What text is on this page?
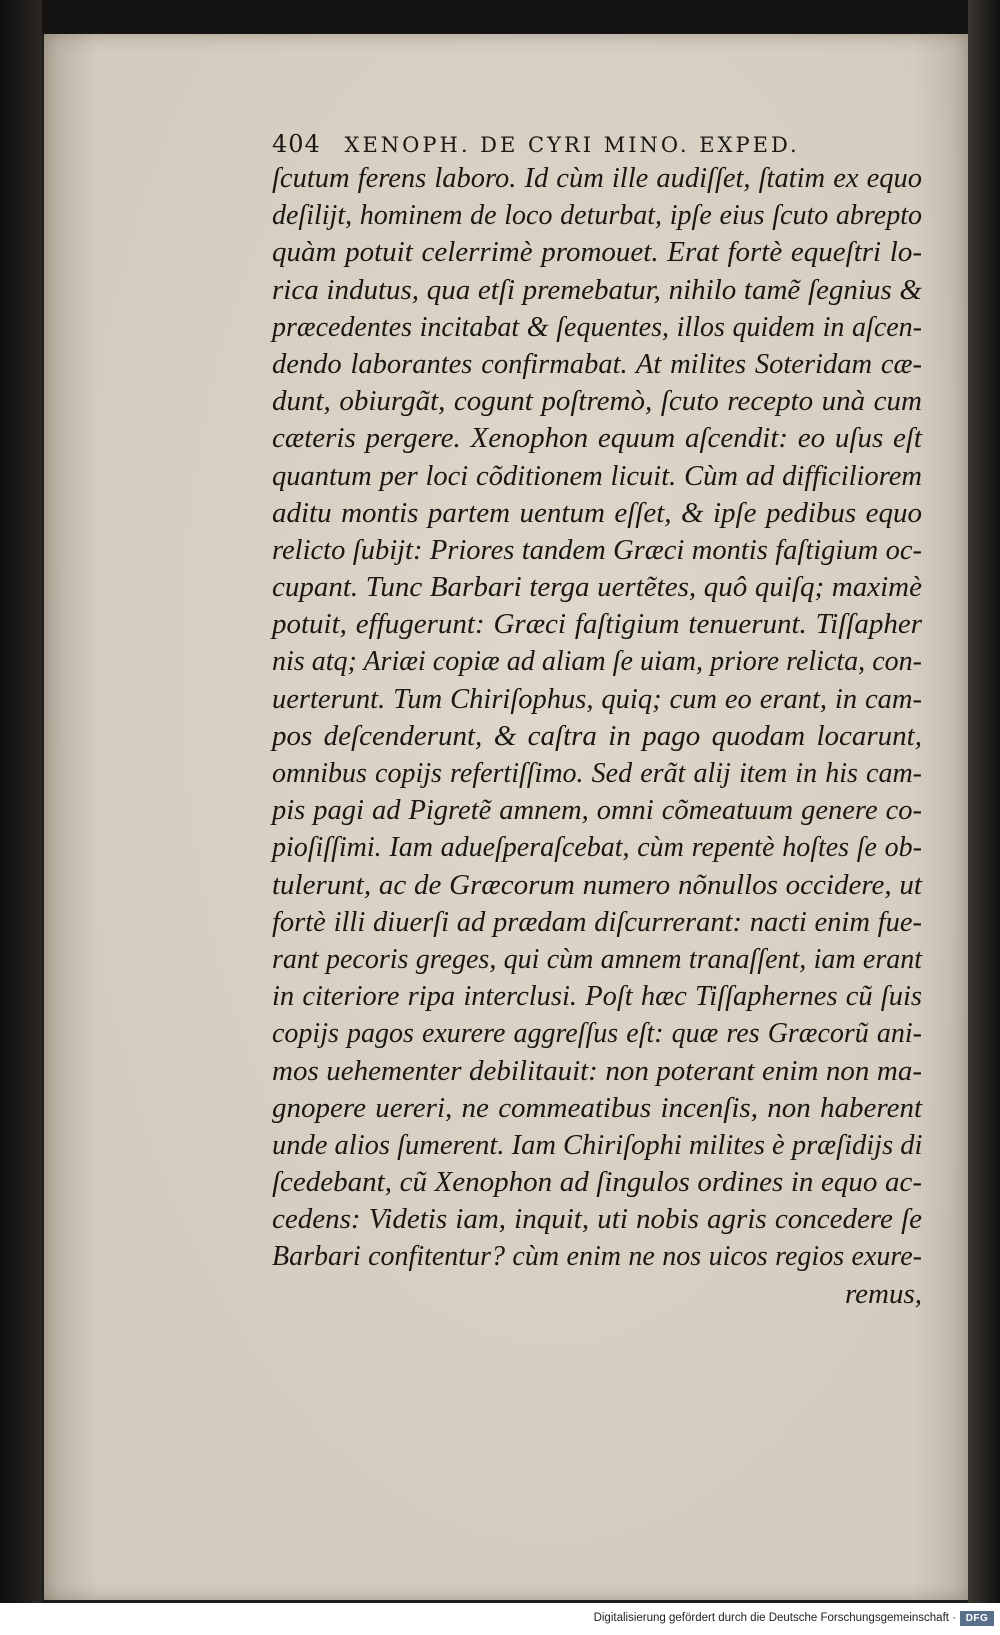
404 XENOPH. DE CYRI MINO. EXPED.
ſcutum ferens laboro. Id cùm ille audiſſet, ſtatim ex equo
deſilijt, hominem de loco deturbat, ipſe eius ſcuto abrepto
quàm potuit celerrimè promouet. Erat fortè equeſtri lo-
rica indutus, qua etſi premebatur, nihilo tamẽ ſegnius &
præcedentes incitabat & ſequentes, illos quidem in aſcen-
dendo laborantes confirmabat. At milites Soteridam cæ-
dunt, obiurgãt, cogunt poſtremò, ſcuto recepto unà cum
cæteris pergere. Xenophon equum aſcendit: eo uſus eſt
quantum per loci cõditionem licuit. Cùm ad difficiliorem
aditu montis partem uentum eſſet, & ipſe pedibus equo
relicto ſubijt: Priores tandem Græci montis faſtigium oc-
cupant. Tunc Barbari terga uertẽtes, quô quiſq; maximè
potuit, effugerunt: Græci faſtigium tenuerunt. Tiſſapher
nis atq; Ariæi copiæ ad aliam ſe uiam, priore relicta, con-
uerterunt. Tum Chiriſophus, quiq; cum eo erant, in cam-
pos deſcenderunt, & caſtra in pago quodam locarunt,
omnibus copijs refertiſſimo. Sed erãt alij item in his cam-
pis pagi ad Pigretẽ amnem, omni cõmeatuum genere co-
pioſiſſimi. Iam adueſperaſcebat, cùm repentè hoſtes ſe ob-
tulerunt, ac de Græcorum numero nõnullos occidere, ut
fortè illi diuerſi ad prædam diſcurrerant: nacti enim fue-
rant pecoris greges, qui cùm amnem tranaſſent, iam erant
in citeriore ripa interclusi. Poſt hæc Tiſſaphernes cũ ſuis
copijs pagos exurere aggreſſus eſt: quæ res Græcorũ ani-
mos uehementer debilitauit: non poterant enim non ma-
gnopere uereri, ne commeatibus incenſis, non haberent
unde alios ſumerent. Iam Chiriſophi milites è præſidijs di
ſcedebant, cũ Xenophon ad ſingulos ordines in equo ac-
cedens: Videtis iam, inquit, uti nobis agris concedere ſe
Barbari confitentur? cùm enim ne nos uicos regios exure-
remus,
Digitalisierung gefördert durch die Deutsche Forschungsgemeinschaft · DFG
